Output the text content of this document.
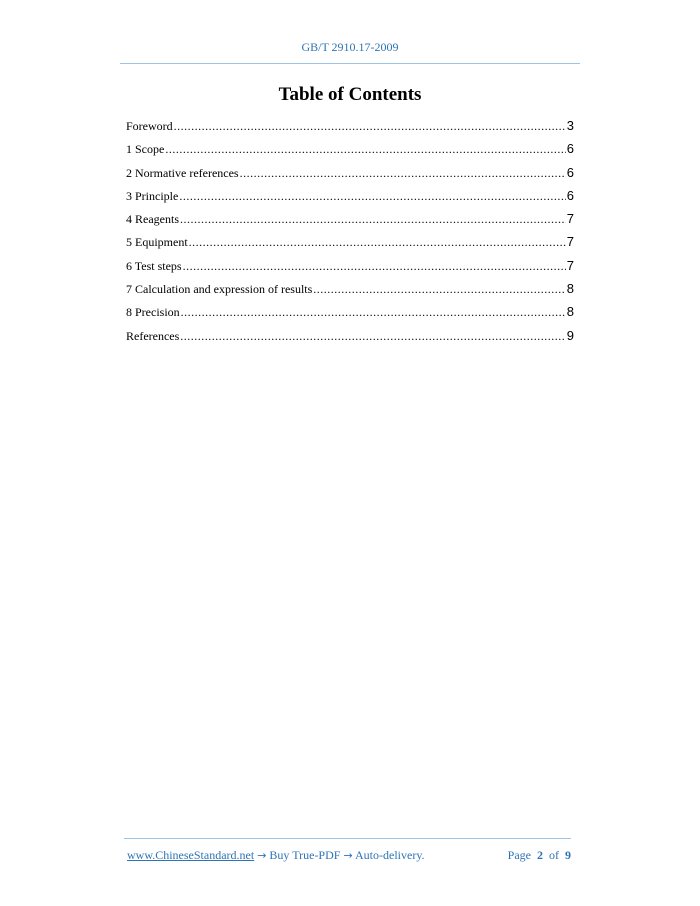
GB/T 2910.17-2009
Table of Contents
Foreword .....	3
1 Scope .....	6
2 Normative references .....	6
3 Principle .....	6
4 Reagents .....	7
5 Equipment .....	7
6 Test steps .....	7
7 Calculation and expression of results .....	8
8 Precision .....	8
References .....	9
www.ChineseStandard.net → Buy True-PDF → Auto-delivery.	Page 2 of 9
